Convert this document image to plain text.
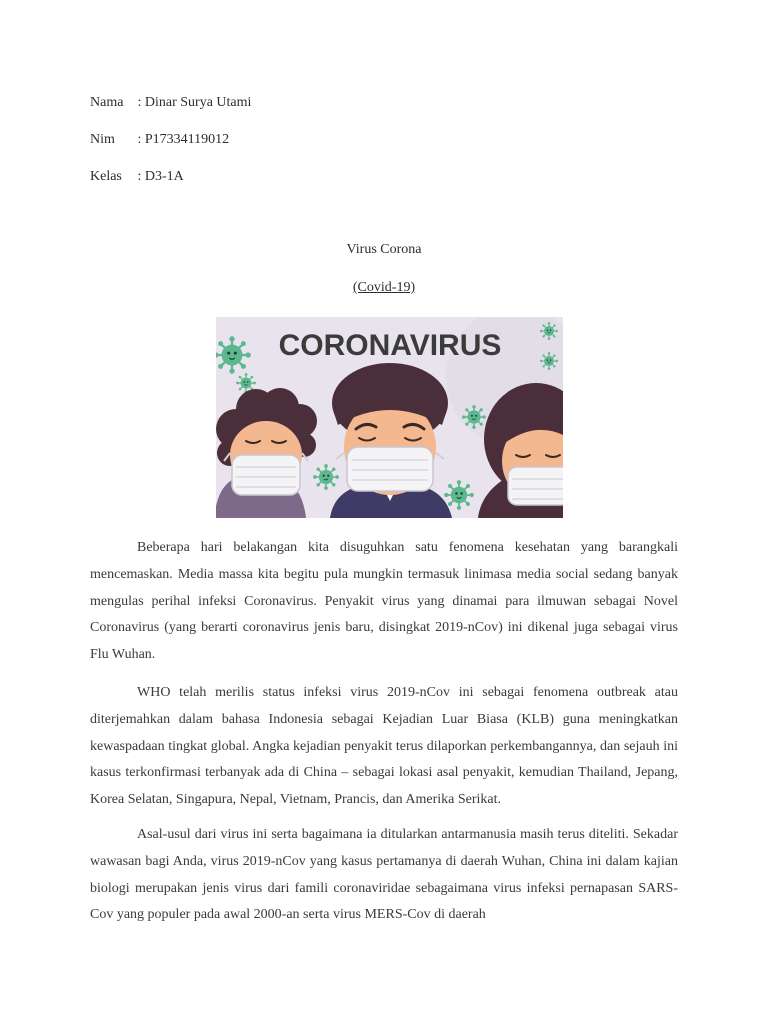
Nama : Dinar Surya Utami
Nim : P17334119012
Kelas : D3-1A
Virus Corona
(Covid-19)
CORONAVIRUS

Beberapa hari belakangan kita disuguhkan satu fenomena kesehatan yang barangkali mencemaskan. Media massa kita begitu pula mungkin termasuk linimasa media social sedang banyak mengulas perihal infeksi Coronavirus. Penyakit virus yang dinamai para ilmuwan sebagai Novel Coronavirus (yang berarti coronavirus jenis baru, disingkat 2019-nCov) ini dikenal juga sebagai virus Flu Wuhan.

WHO telah merilis status infeksi virus 2019-nCov ini sebagai fenomena outbreak atau diterjemahkan dalam bahasa Indonesia sebagai Kejadian Luar Biasa (KLB) guna meningkatkan kewaspadaan tingkat global. Angka kejadian penyakit terus dilaporkan perkembangannya, dan sejauh ini kasus terkonfirmasi terbanyak ada di China – sebagai lokasi asal penyakit, kemudian Thailand, Jepang, Korea Selatan, Singapura, Nepal, Vietnam, Prancis, dan Amerika Serikat.

Asal-usul dari virus ini serta bagaimana ia ditularkan antarmanusia masih terus diteliti. Sekadar wawasan bagi Anda, virus 2019-nCov yang kasus pertamanya di daerah Wuhan, China ini dalam kajian biologi merupakan jenis virus dari famili coronaviridae sebagaimana virus infeksi pernapasan SARS-Cov yang populer pada awal 2000-an serta virus MERS-Cov di daerah
